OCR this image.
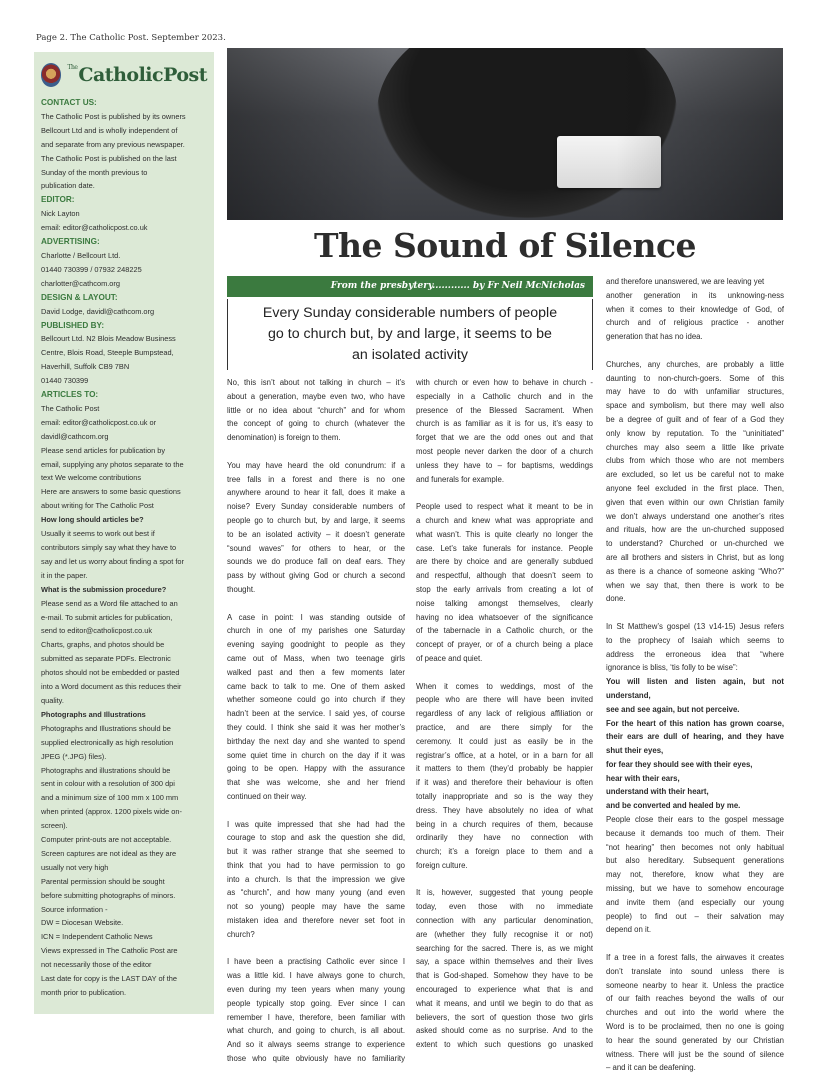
Page 2. The Catholic Post. September 2023.
$^{The}$CatholicPost
CONTACT US:
The Catholic Post is published by its owners
Bellcourt Ltd and is wholly independent of
and separate from any previous newspaper.
The Catholic Post is published on the last
Sunday of the month previous to
publication date.
EDITOR:
Nick Layton
email: editor@catholicpost.co.uk
ADVERTISING:
Charlotte / Bellcourt Ltd.
01440 730399 / 07932 248225
charlotter@cathcom.org
DESIGN & LAYOUT:
David Lodge, davidl@cathcom.org
PUBLISHED BY:
Bellcourt Ltd. N2 Blois Meadow Business
Centre, Blois Road, Steeple Bumpstead,
Haverhill, Suffolk CB9 7BN
01440 730399
ARTICLES TO:
The Catholic Post
email: editor@catholicpost.co.uk or
davidl@cathcom.org
Please send articles for publication by
email, supplying any photos separate to the
text We welcome contributions
Here are answers to some basic questions
about writing for The Catholic Post
How long should articles be?
Usually it seems to work out best if
contributors simply say what they have to
say and let us worry about finding a spot for
it in the paper.
What is the submission procedure?
Please send as a Word file attached to an
e-mail. To submit articles for publication,
send to editor@catholicpost.co.uk
Charts, graphs, and photos should be
submitted as separate PDFs. Electronic
photos should not be embedded or pasted
into a Word document as this reduces their
quality.
Photographs and Illustrations
Photographs and Illustrations should be
supplied electronically as high resolution
JPEG (*.JPG) files).
Photographs and illustrations should be
sent in colour with a resolution of 300 dpi
and a minimum size of 100 mm x 100 mm
when printed (approx. 1200 pixels wide on-
screen).
Computer print-outs are not acceptable.
Screen captures are not ideal as they are
usually not very high
Parental permission should be sought
before submitting photographs of minors.
Source information -
DW = Diocesan Website.
ICN = Independent Catholic News
Views expressed in The Catholic Post are
not necessarily those of the editor
Last date for copy is the LAST DAY of the
month prior to publication.
The Sound of Silence
From the presbytery............ by Fr Neil McNicholas
Every Sunday considerable numbers of people
go to church but, by and large, it seems to be
an isolated activity
No, this isn’t about not talking in church – it’s
about a generation, maybe even two, who have
little or no idea about “church” and for whom
the concept of going to church (whatever the
denomination) is foreign to them.
You may have heard the old conundrum: if a
tree falls in a forest and there is no one
anywhere around to hear it fall, does it make a
noise? Every Sunday considerable numbers of
people go to church but, by and large, it seems
to be an isolated activity – it doesn’t generate
“sound waves” for others to hear, or the
sounds we do produce fall on deaf ears. They
pass by without giving God or church a second
thought.
A case in point: I was standing outside of
church in one of my parishes one Saturday
evening saying goodnight to people as they
came out of Mass, when two teenage girls
walked past and then a few moments later
came back to talk to me. One of them asked
whether someone could go into church if they
hadn’t been at the service. I said yes, of course
they could. I think she said it was her mother’s
birthday the next day and she wanted to spend
some quiet time in church on the day if it was
going to be open. Happy with the assurance
that she was welcome, she and her friend
continued on their way.
I was quite impressed that she had had the
courage to stop and ask the question she did,
but it was rather strange that she seemed to
think that you had to have permission to go
into a church. Is that the impression we give
as “church”, and how many young (and even
not so young) people may have the same
mistaken idea and therefore never set foot in
church?
I have been a practising Catholic ever since I
was a little kid. I have always gone to church,
even during my teen years when many young
people typically stop going. Ever since I can
remember I have, therefore, been familiar with
what church, and going to church, is all about.
And so it always seems strange to experience
those who quite obviously have no familiarity
with church or even how to behave in church -
especially in a Catholic church and in the
presence of the Blessed Sacrament. When
church is as familiar as it is for us, it’s easy to
forget that we are the odd ones out and that
most people never darken the door of a church
unless they have to – for baptisms, weddings
and funerals for example.
People used to respect what it meant to be in
a church and knew what was appropriate and
what wasn’t. This is quite clearly no longer the
case. Let’s take funerals for instance. People
are there by choice and are generally subdued
and respectful, although that doesn’t seem to
stop the early arrivals from creating a lot of
noise talking amongst themselves, clearly
having no idea whatsoever of the significance
of the tabernacle in a Catholic church, or the
concept of prayer, or of a church being a place
of peace and quiet.
When it comes to weddings, most of the
people who are there will have been invited
regardless of any lack of religious affiliation or
practice, and are there simply for the
ceremony. It could just as easily be in the
registrar’s office, at a hotel, or in a barn for all
it matters to them (they’d probably be happier
if it was) and therefore their behaviour is often
totally inappropriate and so is the way they
dress. They have absolutely no idea of what
being in a church requires of them, because
ordinarily they have no connection with
church; it’s a foreign place to them and a
foreign culture.
It is, however, suggested that young people
today, even those with no immediate
connection with any particular denomination,
are (whether they fully recognise it or not)
searching for the sacred. There is, as we might
say, a space within themselves and their lives
that is God-shaped. Somehow they have to be
encouraged to experience what that is and
what it means, and until we begin to do that as
believers, the sort of question those two girls
asked should come as no surprise. And to the
extent to which such questions go unasked
and therefore unanswered, we are leaving yet
another generation in its unknowing-ness
when it comes to their knowledge of God, of
church and of religious practice - another
generation that has no idea.
Churches, any churches, are probably a little
daunting to non-church-goers. Some of this
may have to do with unfamiliar structures,
space and symbolism, but there may well also
be a degree of guilt and of fear of a God they
only know by reputation. To the “uninitiated”
churches may also seem a little like private
clubs from which those who are not members
are excluded, so let us be careful not to make
anyone feel excluded in the first place. Then,
given that even within our own Christian family
we don’t always understand one another’s rites
and rituals, how are the un-churched supposed
to understand? Churched or un-churched we
are all brothers and sisters in Christ, but as long
as there is a chance of someone asking “Who?”
when we say that, then there is work to be
done.
In St Matthew’s gospel (13 v14-15) Jesus refers
to the prophecy of Isaiah which seems to
address the erroneous idea that “where
ignorance is bliss, ‘tis folly to be wise”:
You will listen and listen again, but not
understand,
see and see again, but not perceive.
For the heart of this nation has grown coarse,
their ears are dull of hearing, and they have
shut their eyes,
for fear they should see with their eyes,
hear with their ears,
understand with their heart,
and be converted and healed by me.
People close their ears to the gospel message
because it demands too much of them. Their
“not hearing” then becomes not only habitual
but also hereditary. Subsequent generations
may not, therefore, know what they are
missing, but we have to somehow encourage
and invite them (and especially our young
people) to find out – their salvation may
depend on it.
If a tree in a forest falls, the airwaves it creates
don’t translate into sound unless there is
someone nearby to hear it. Unless the practice
of our faith reaches beyond the walls of our
churches and out into the world where the
Word is to be proclaimed, then no one is going
to hear the sound generated by our Christian
witness. There will just be the sound of silence
– and it can be deafening.
